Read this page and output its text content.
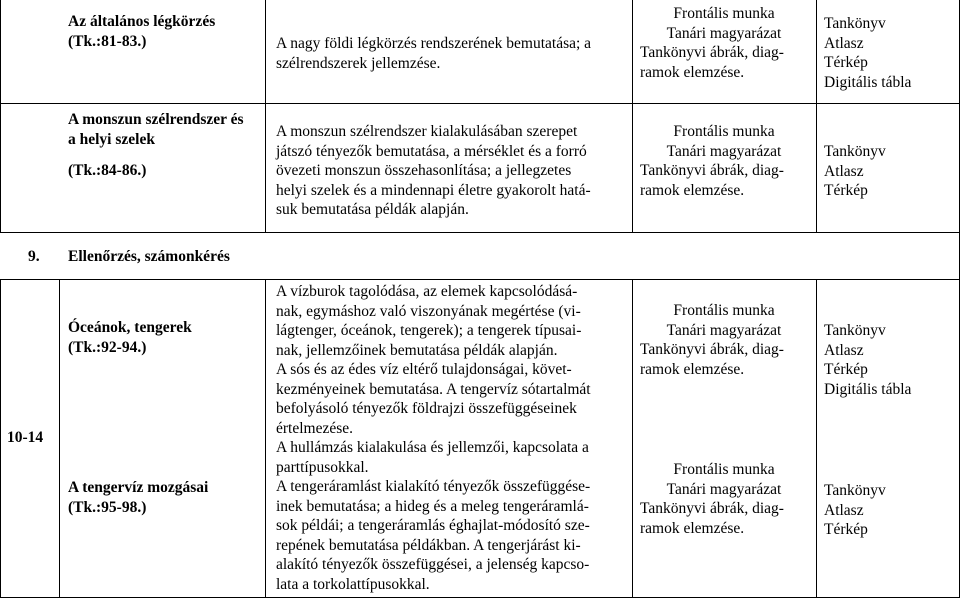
Az általános légkörzés
(Tk.:81-83.)	A nagy földi légkörzés rendszerének bemutatása; a
szélrendszerek jellemzése.
Frontális munka
Tanári magyarázat
Tankönyvi ábrák, diag-
ramok elemzése.
Tankönyv
Atlasz
Térkép
Digitális tábla
A monszun szélrendszer és
a helyi szelek
(Tk.:84-86.)
A monszun szélrendszer kialakulásában szerepet
játszó tényezők bemutatása, a mérséklet és a forró
övezeti monszun összehasonlítása; a jellegzetes
helyi szelek és a mindennapi életre gyakorolt hatá-
suk bemutatása példák alapján.
Frontális munka
Tanári magyarázat
Tankönyvi ábrák, diag-
ramok elemzése.
Tankönyv
Atlasz
Térkép
9. Ellenőrzés, számonkérés
10-14
Óceánok, tengerek
(Tk.:92-94.)
A tengervíz mozgásai
(Tk.:95-98.)
A vízburok tagolódása, az elemek kapcsolódásá-
nak, egymáshoz való viszonyának megértése (vi-
lágtenger, óceánok, tengerek); a tengerek típusai-
nak, jellemzőinek bemutatása példák alapján.
A sós és az édes víz eltérő tulajdonságai, követ-
kezményeinek bemutatása. A tengervíz sótartalmát
befolyásoló tényezők földrajzi összefüggéseinek
értelmezése.
A hullámzás kialakulása és jellemzői, kapcsolata a
parttípusokkal.
A tengeráramlást kialakító tényezők összefüggése-
inek bemutatása; a hideg és a meleg tengeráramlá-
sok példái; a tengeráramlás éghajlat-módosító sze-
repének bemutatása példákban. A tengerjárást ki-
alakító tényezők összefüggései, a jelenség kapcso-
lata a torkolattípusokkal.
Frontális munka
Tanári magyarázat
Tankönyvi ábrák, diag-
ramok elemzése.
Frontális munka
Tanári magyarázat
Tankönyvi ábrák, diag-
ramok elemzése.
Tankönyv
Atlasz
Térkép
Digitális tábla
Tankönyv
Atlasz
Térkép
